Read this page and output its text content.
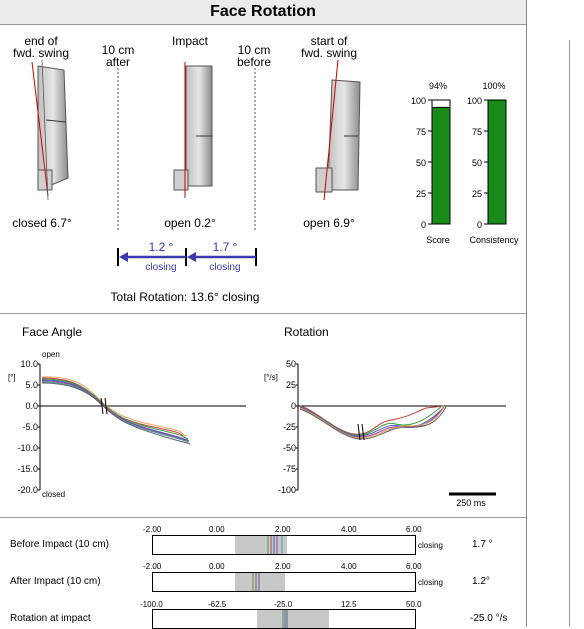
Face Rotation
end of
fwd. swing	10 cm
after
Impact
10 cm
before
start of
fwd. swing
closed 6.7°	open 0.2°	open 6.9°
1.2 °
closing
1.7 °
closing
Total Rotation: 13.6° closing
94%	100%
100
75
50
25
0
100
75
50
25
0
Score	Consistency
Face Angle
open
[°]
closed
10.0
5.0
0.0
-5.0
-10.0
-15.0
-20.0
Rotation
[°/s]
50
25
0
-25
-50
-75
-100
250 ms
-2.00	0.00	2.00	4.00	6.00
Before Impact (10 cm)	closing	1.7 °
-2.00	0.00	2.00	4.00	6.00
After Impact (10 cm)	closing	1.2°
-100.0	-62.5	-25.0	12.5	50.0
Rotation at impact	-25.0 °/s
